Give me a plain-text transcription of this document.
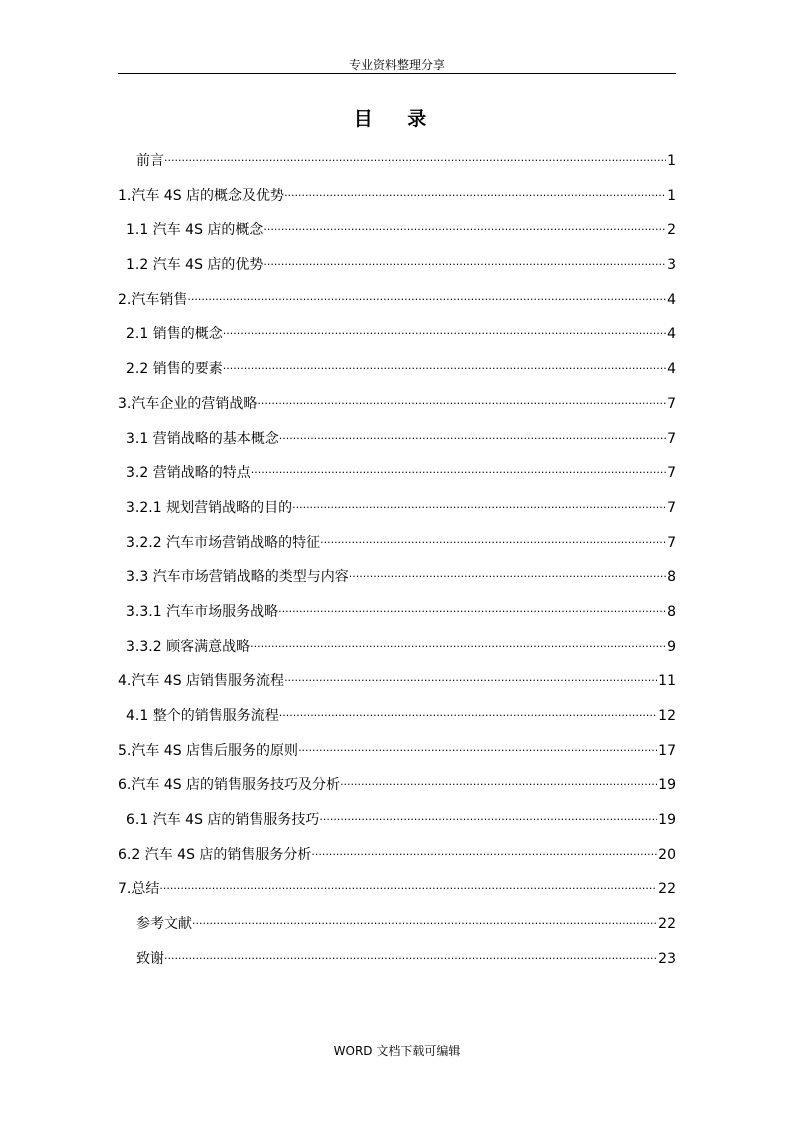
专业资料整理分享
目 录
前言 ·····	1
1.汽车 4S 店的概念及优势 ·····	1
1.1 汽车 4S 店的概念 ·····	2
1.2 汽车 4S 店的优势 ·····	3
2.汽车销售 ·····	4
2.1 销售的概念 ·····	4
2.2 销售的要素 ·····	4
3.汽车企业的营销战略 ·····	7
3.1 营销战略的基本概念 ·····	7
3.2 营销战略的特点 ·····	7
3.2.1 规划营销战略的目的 ·····	7
3.2.2 汽车市场营销战略的特征 ·····	7
3.3 汽车市场营销战略的类型与内容 ·····	8
3.3.1 汽车市场服务战略 ·····	8
3.3.2 顾客满意战略 ·····	9
4.汽车 4S 店销售服务流程 ·····	11
4.1 整个的销售服务流程 ·····	12
5.汽车 4S 店售后服务的原则 ·····	17
6.汽车 4S 店的销售服务技巧及分析 ·····	19
6.1 汽车 4S 店的销售服务技巧 ·····	19
6.2 汽车 4S 店的销售服务分析 ·····	20
7.总结 ·····	22
参考文献 ·····	22
致谢 ·····	23
WORD 文档下载可编辑
